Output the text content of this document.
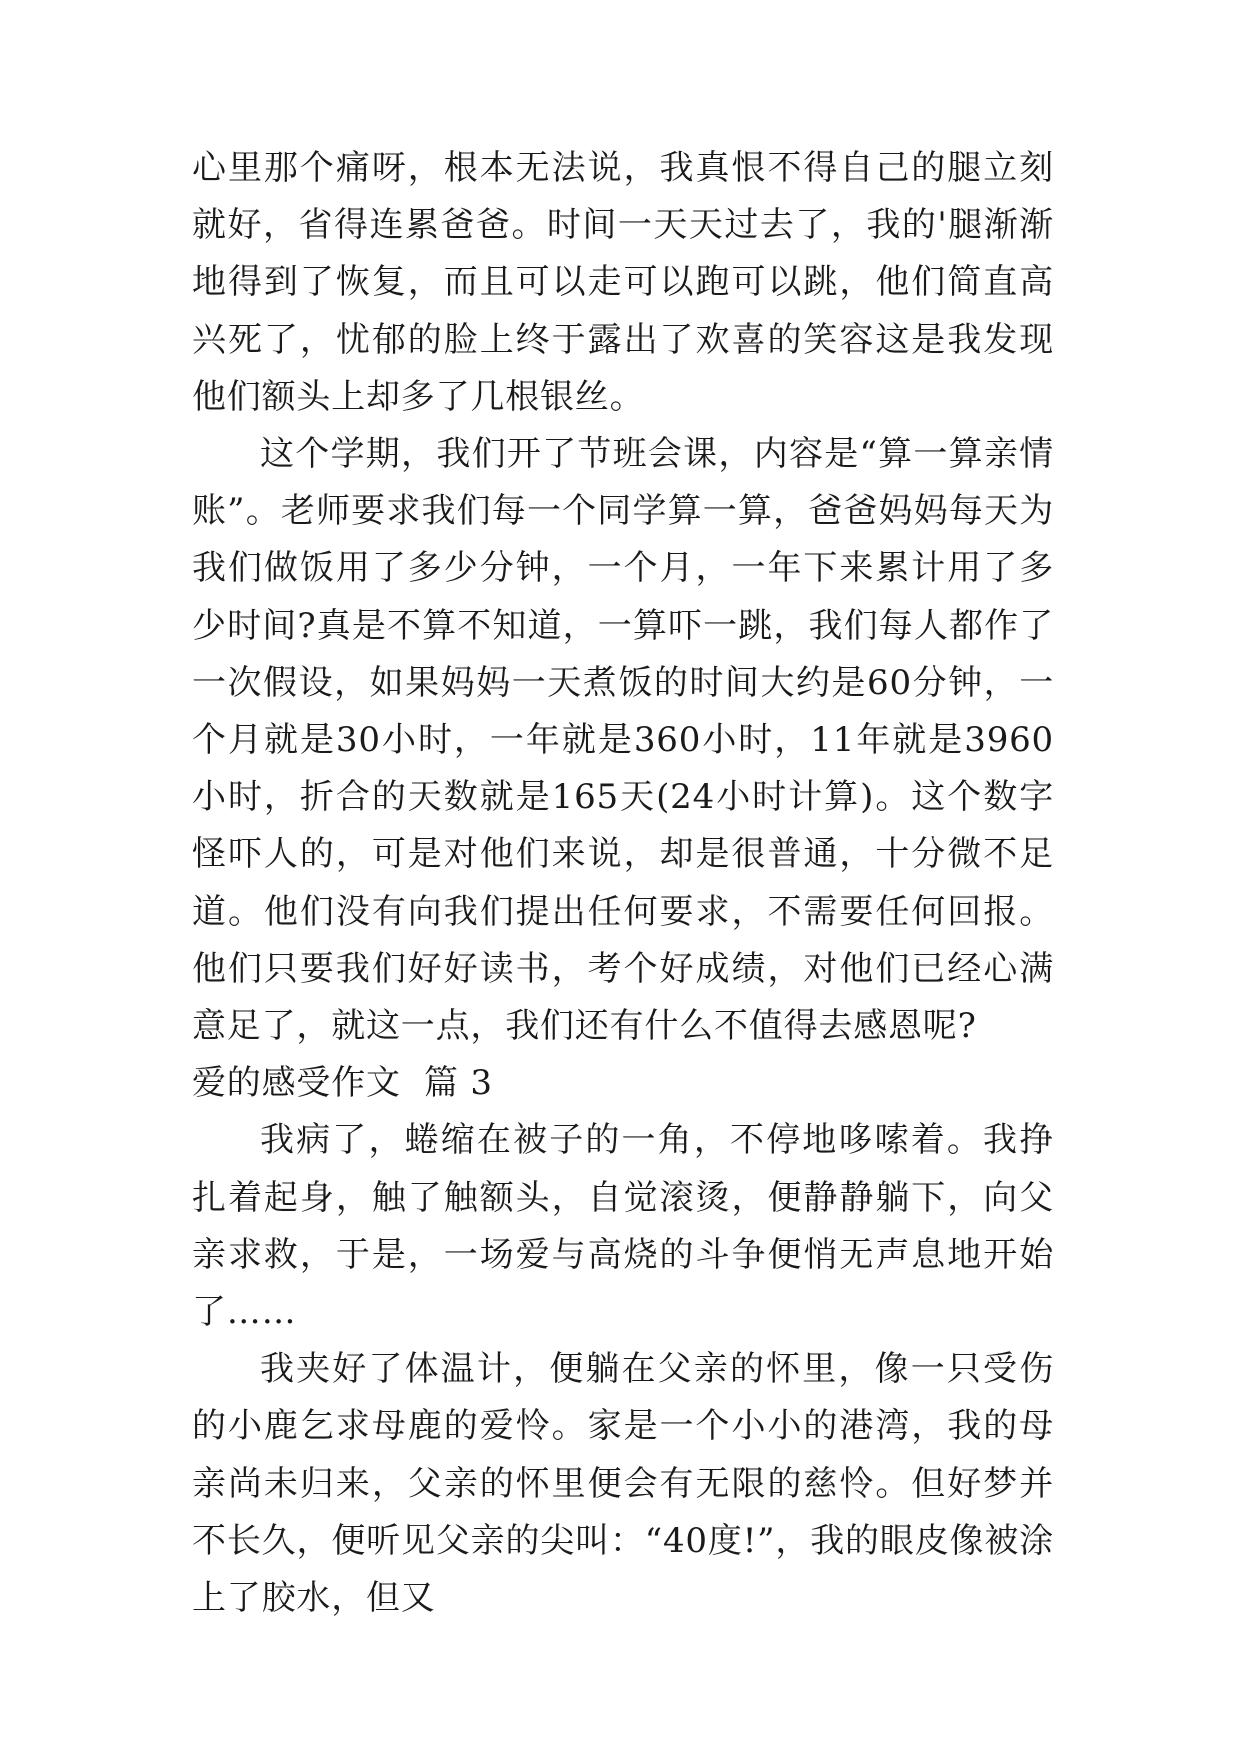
心里那个痛呀，根本无法说，我真恨不得自己的腿立刻就好，省得连累爸爸。时间一天天过去了，我的'腿渐渐地得到了恢复，而且可以走可以跑可以跳，他们简直高兴死了，忧郁的脸上终于露出了欢喜的笑容这是我发现他们额头上却多了几根银丝。

这个学期，我们开了节班会课，内容是“算一算亲情账”。老师要求我们每一个同学算一算，爸爸妈妈每天为我们做饭用了多少分钟，一个月，一年下来累计用了多少时间?真是不算不知道，一算吓一跳，我们每人都作了一次假设，如果妈妈一天煮饭的时间大约是60分钟，一个月就是30小时，一年就是360小时，11年就是3960小时，折合的天数就是165天(24小时计算)。这个数字怪吓人的，可是对他们来说，却是很普通，十分微不足道。他们没有向我们提出任何要求，不需要任何回报。他们只要我们好好读书，考个好成绩，对他们已经心满意足了，就这一点，我们还有什么不值得去感恩呢?

爱的感受作文  篇 3

我病了，蜷缩在被子的一角，不停地哆嗦着。我挣扎着起身，触了触额头，自觉滚烫，便静静躺下，向父亲求救，于是，一场爱与高烧的斗争便悄无声息地开始了……

我夹好了体温计，便躺在父亲的怀里，像一只受伤的小鹿乞求母鹿的爱怜。家是一个小小的港湾，我的母亲尚未归来，父亲的怀里便会有无限的慈怜。但好梦并不长久，便听见父亲的尖叫：“40度!”，我的眼皮像被涂上了胶水，但又
